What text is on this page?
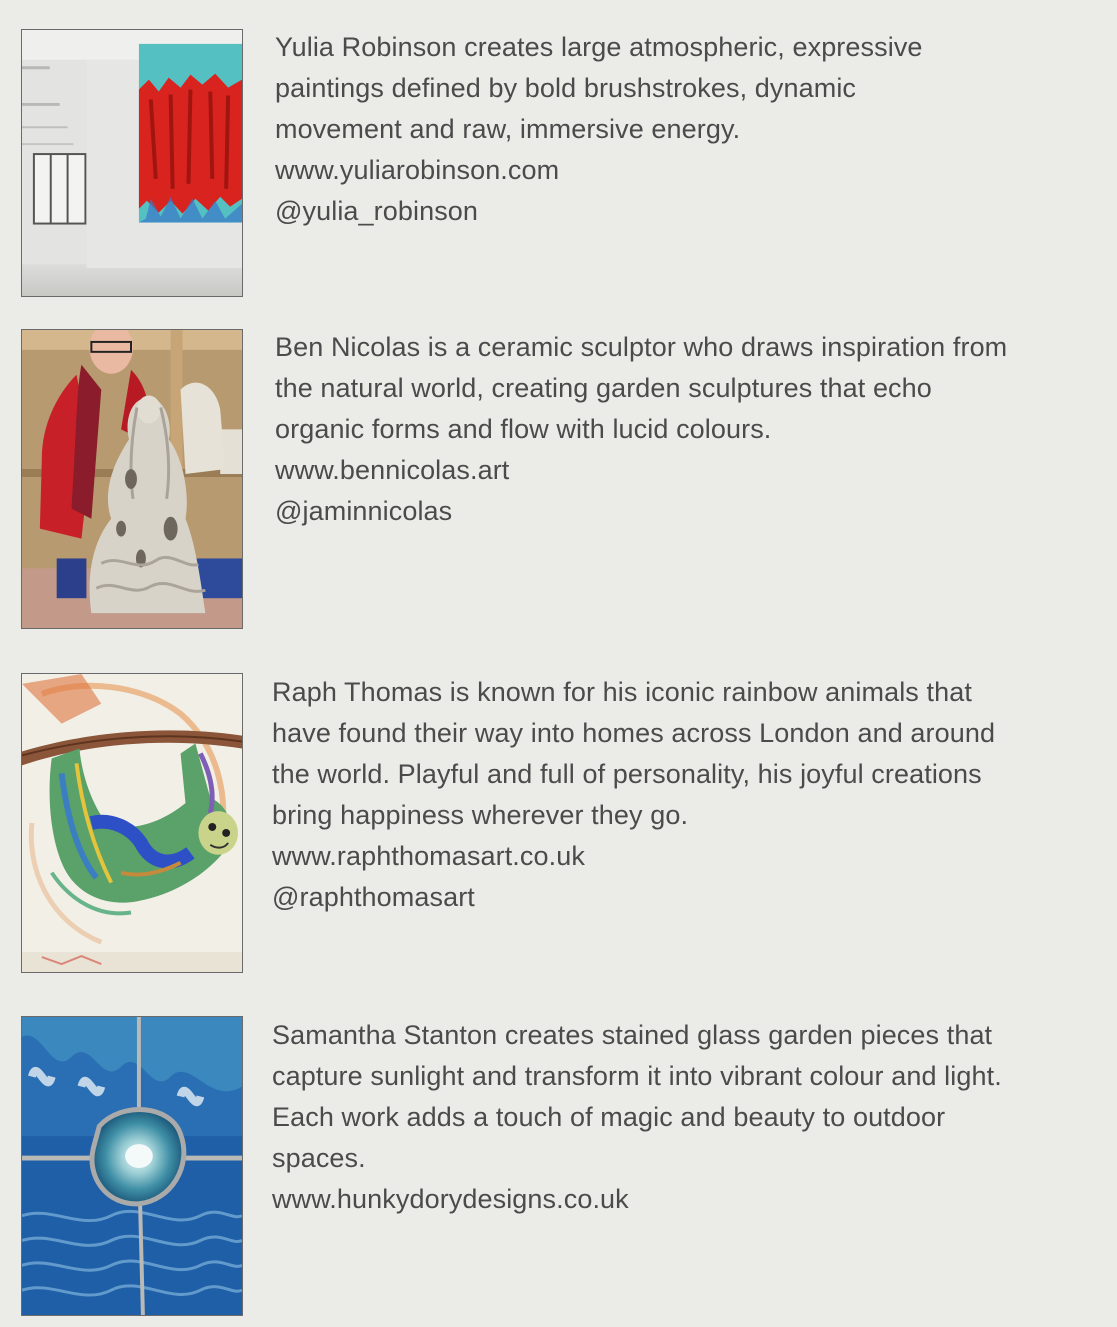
Yulia Robinson creates large atmospheric, expressive
paintings defined by bold brushstrokes, dynamic
movement and raw, immersive energy.
www.yuliarobinson.com
@yulia_robinson
Ben Nicolas is a ceramic sculptor who draws inspiration from
the natural world, creating garden sculptures that echo
organic forms and flow with lucid colours.
www.bennicolas.art
@jaminnicolas
Raph Thomas is known for his iconic rainbow animals that
have found their way into homes across London and around
the world. Playful and full of personality, his joyful creations
bring happiness wherever they go.
www.raphthomasart.co.uk
@raphthomasart
Samantha Stanton creates stained glass garden pieces that
capture sunlight and transform it into vibrant colour and light.
Each work adds a touch of magic and beauty to outdoor
spaces.
www.hunkydorydesigns.co.uk
